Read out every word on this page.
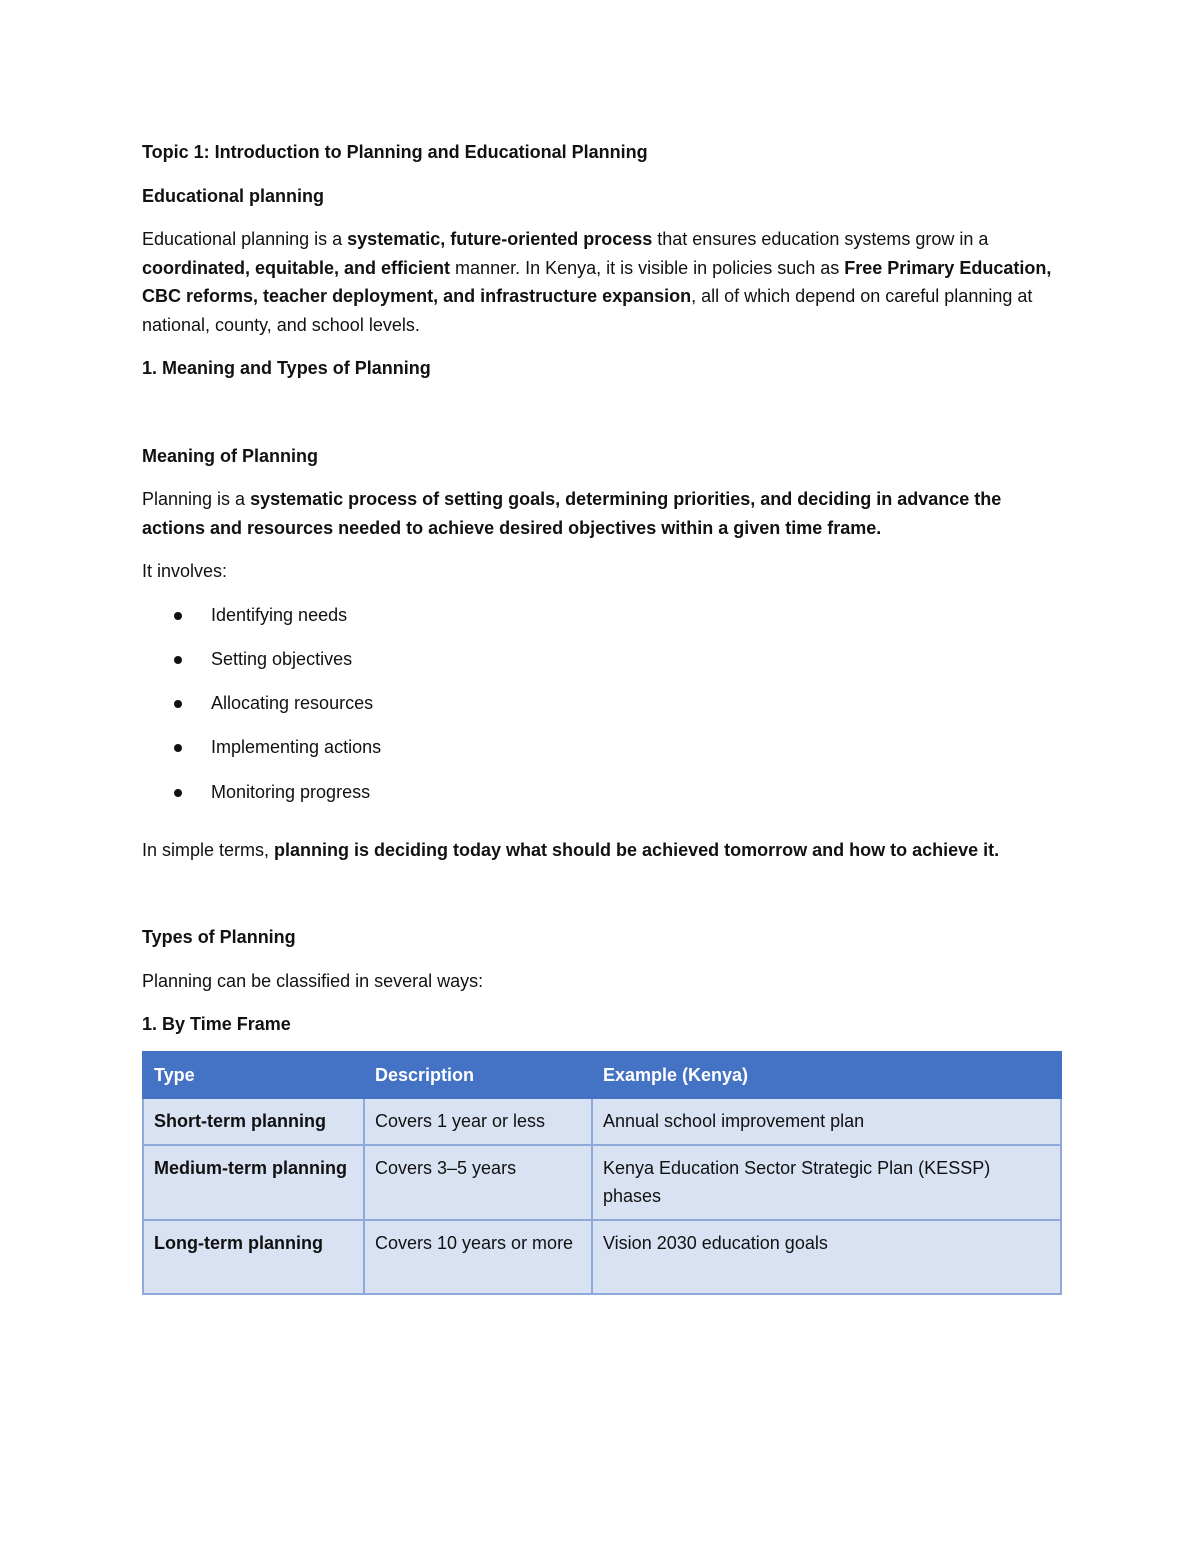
Topic 1: Introduction to Planning and Educational Planning

Educational planning

Educational planning is a systematic, future-oriented process that ensures education systems grow in a coordinated, equitable, and efficient manner. In Kenya, it is visible in policies such as Free Primary Education, CBC reforms, teacher deployment, and infrastructure expansion, all of which depend on careful planning at national, county, and school levels.

1. Meaning and Types of Planning

Meaning of Planning

Planning is a systematic process of setting goals, determining priorities, and deciding in advance the actions and resources needed to achieve desired objectives within a given time frame.

It involves:

Identifying needs
Setting objectives
Allocating resources
Implementing actions
Monitoring progress

In simple terms, planning is deciding today what should be achieved tomorrow and how to achieve it.

Types of Planning

Planning can be classified in several ways:

1. By Time Frame

Type	Description	Example (Kenya)
Short-term planning	Covers 1 year or less	Annual school improvement plan
Medium-term planning	Covers 3–5 years	Kenya Education Sector Strategic Plan (KESSP) phases
Long-term planning	Covers 10 years or more	Vision 2030 education goals
